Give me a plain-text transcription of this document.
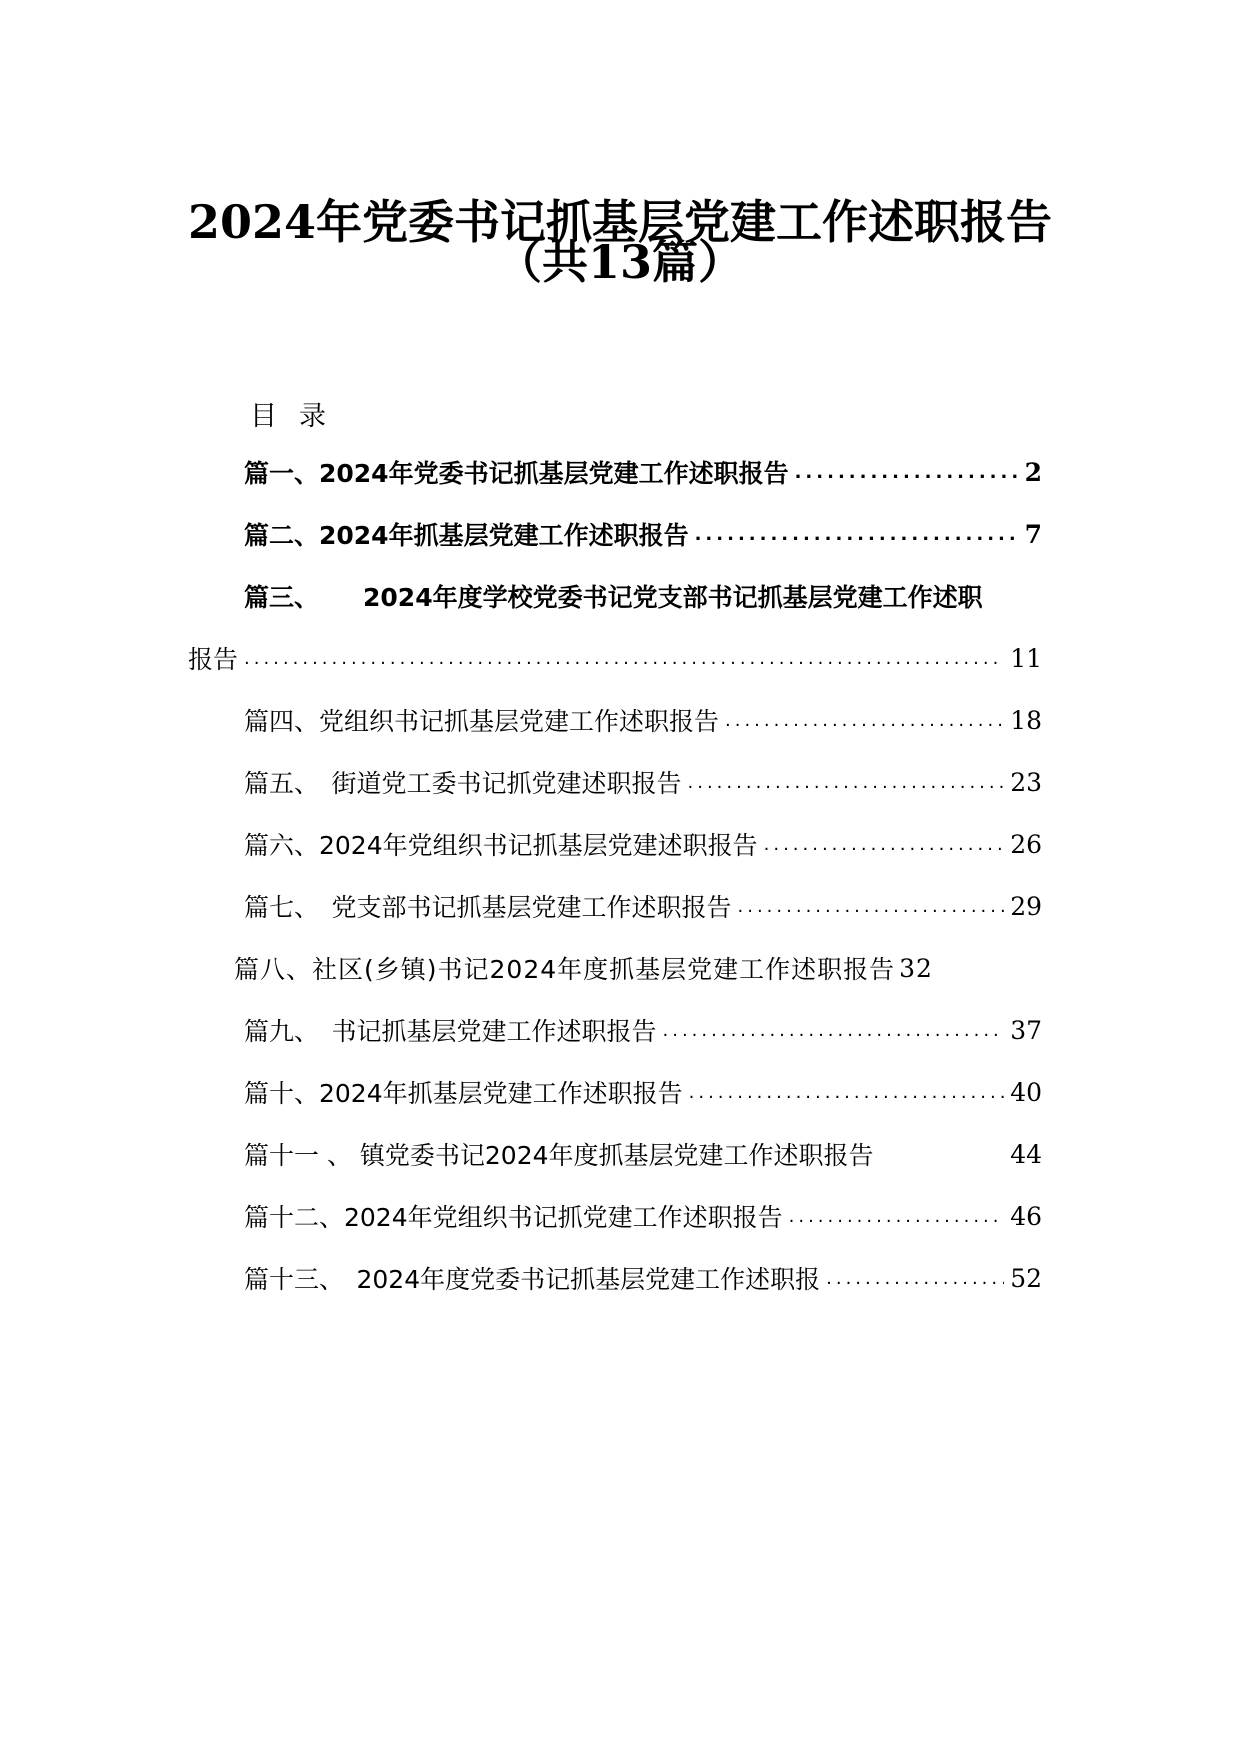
2024年党委书记抓基层党建工作述职报告
（共13篇）
目录
篇一、2024年党委书记抓基层党建工作述职报告 .....	2
篇二、2024年抓基层党建工作述职报告 .....	7
篇三、 2024年度学校党委书记党支部书记抓基层党建工作述职
报告 .....	11
篇四、党组织书记抓基层党建工作述职报告 .....	18
篇五、　街道党工委书记抓党建述职报告 .....	23
篇六、2024年党组织书记抓基层党建述职报告 .....	26
篇七、　党支部书记抓基层党建工作述职报告 .....	29
篇八、社区(乡镇)书记2024年度抓基层党建工作述职报告 32
篇九、　书记抓基层党建工作述职报告 .....	37
篇十、2024年抓基层党建工作述职报告 .....	40
篇十一 、 镇党委书记2024年度抓基层党建工作述职报告	44
篇十二、2024年党组织书记抓党建工作述职报告 .....	46
篇十三、　2024年度党委书记抓基层党建工作述职报 .....	52
